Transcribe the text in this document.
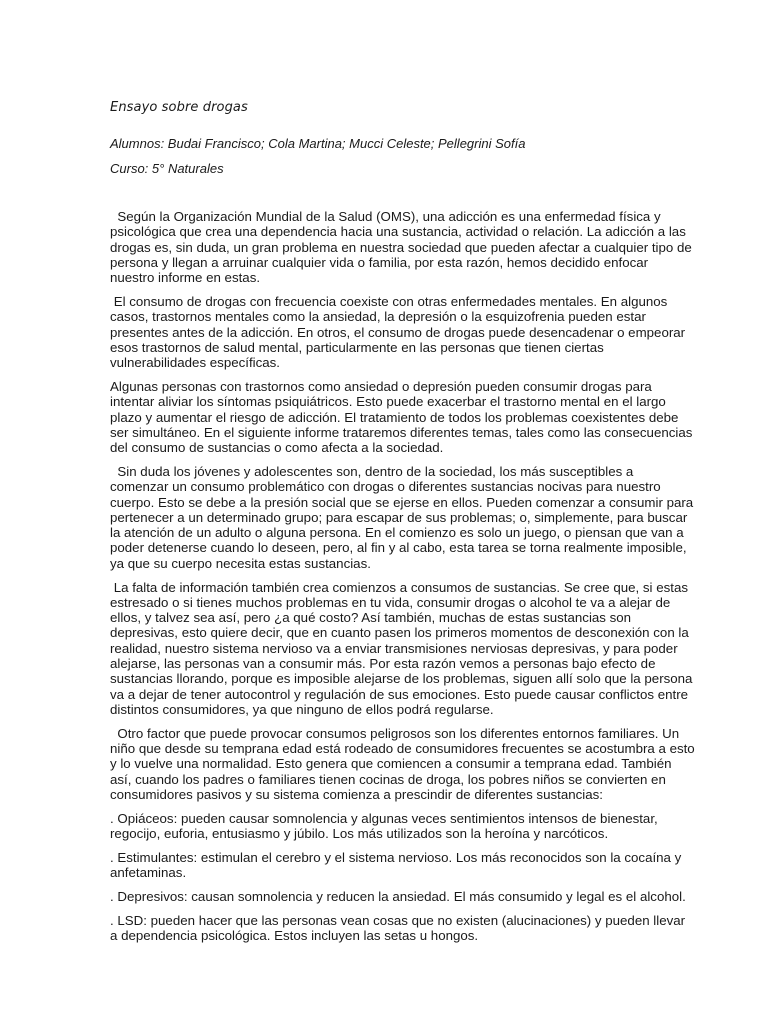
Ensayo sobre drogas
Alumnos: Budai Francisco; Cola Martina; Mucci Celeste; Pellegrini Sofía
Curso: 5° Naturales

Según la Organización Mundial de la Salud (OMS), una adicción es una enfermedad física y psicológica que crea una dependencia hacia una sustancia, actividad o relación. La adicción a las drogas es, sin duda, un gran problema en nuestra sociedad que pueden afectar a cualquier tipo de persona y llegan a arruinar cualquier vida o familia, por esta razón, hemos decidido enfocar nuestro informe en estas.

El consumo de drogas con frecuencia coexiste con otras enfermedades mentales. En algunos casos, trastornos mentales como la ansiedad, la depresión o la esquizofrenia pueden estar presentes antes de la adicción. En otros, el consumo de drogas puede desencadenar o empeorar esos trastornos de salud mental, particularmente en las personas que tienen ciertas vulnerabilidades específicas.

Algunas personas con trastornos como ansiedad o depresión pueden consumir drogas para intentar aliviar los síntomas psiquiátricos. Esto puede exacerbar el trastorno mental en el largo plazo y aumentar el riesgo de adicción. El tratamiento de todos los problemas coexistentes debe ser simultáneo. En el siguiente informe trataremos diferentes temas, tales como las consecuencias del consumo de sustancias o como afecta a la sociedad.

Sin duda los jóvenes y adolescentes son, dentro de la sociedad, los más susceptibles a comenzar un consumo problemático con drogas o diferentes sustancias nocivas para nuestro cuerpo. Esto se debe a la presión social que se ejerse en ellos. Pueden comenzar a consumir para pertenecer a un determinado grupo; para escapar de sus problemas; o, simplemente, para buscar la atención de un adulto o alguna persona. En el comienzo es solo un juego, o piensan que van a poder detenerse cuando lo deseen, pero, al fin y al cabo, esta tarea se torna realmente imposible, ya que su cuerpo necesita estas sustancias.

La falta de información también crea comienzos a consumos de sustancias. Se cree que, si estas estresado o si tienes muchos problemas en tu vida, consumir drogas o alcohol te va a alejar de ellos, y talvez sea así, pero ¿a qué costo? Así también, muchas de estas sustancias son depresivas, esto quiere decir, que en cuanto pasen los primeros momentos de desconexión con la realidad, nuestro sistema nervioso va a enviar transmisiones nerviosas depresivas, y para poder alejarse, las personas van a consumir más. Por esta razón vemos a personas bajo efecto de sustancias llorando, porque es imposible alejarse de los problemas, siguen allí solo que la persona va a dejar de tener autocontrol y regulación de sus emociones. Esto puede causar conflictos entre distintos consumidores, ya que ninguno de ellos podrá regularse.

Otro factor que puede provocar consumos peligrosos son los diferentes entornos familiares. Un niño que desde su temprana edad está rodeado de consumidores frecuentes se acostumbra a esto y lo vuelve una normalidad. Esto genera que comiencen a consumir a temprana edad. También así, cuando los padres o familiares tienen cocinas de droga, los pobres niños se convierten en consumidores pasivos y su sistema comienza a prescindir de diferentes sustancias:

. Opiáceos: pueden causar somnolencia y algunas veces sentimientos intensos de bienestar, regocijo, euforia, entusiasmo y júbilo. Los más utilizados son la heroína y narcóticos.

. Estimulantes: estimulan el cerebro y el sistema nervioso. Los más reconocidos son la cocaína y anfetaminas.

. Depresivos: causan somnolencia y reducen la ansiedad. El más consumido y legal es el alcohol.

. LSD: pueden hacer que las personas vean cosas que no existen (alucinaciones) y pueden llevar a dependencia psicológica. Estos incluyen las setas u hongos.
